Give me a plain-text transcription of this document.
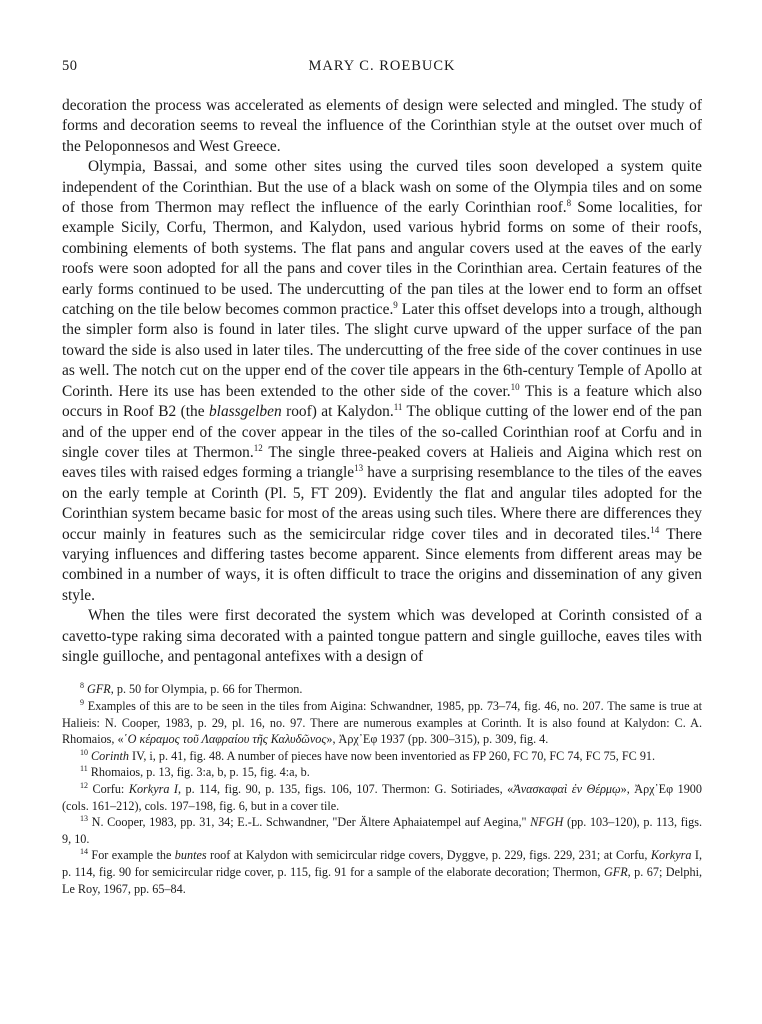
50	MARY C. ROEBUCK

decoration the process was accelerated as elements of design were selected and mingled. The study of forms and decoration seems to reveal the influence of the Corinthian style at the outset over much of the Peloponnesos and West Greece.

Olympia, Bassai, and some other sites using the curved tiles soon developed a system quite independent of the Corinthian. But the use of a black wash on some of the Olympia tiles and on some of those from Thermon may reflect the influence of the early Corinthian roof.$^8$ Some localities, for example Sicily, Corfu, Thermon, and Kalydon, used various hybrid forms on some of their roofs, combining elements of both systems. The flat pans and angular covers used at the eaves of the early roofs were soon adopted for all the pans and cover tiles in the Corinthian area. Certain features of the early forms continued to be used. The undercutting of the pan tiles at the lower end to form an offset catching on the tile below becomes common practice.$^9$ Later this offset develops into a trough, although the simpler form also is found in later tiles. The slight curve upward of the upper surface of the pan toward the side is also used in later tiles. The undercutting of the free side of the cover continues in use as well. The notch cut on the upper end of the cover tile appears in the 6th-century Temple of Apollo at Corinth. Here its use has been extended to the other side of the cover.$^{10}$ This is a feature which also occurs in Roof B2 (the blassgelben roof) at Kalydon.$^{11}$ The oblique cutting of the lower end of the pan and of the upper end of the cover appear in the tiles of the so-called Corinthian roof at Corfu and in single cover tiles at Thermon.$^{12}$ The single three-peaked covers at Halieis and Aigina which rest on eaves tiles with raised edges forming a triangle$^{13}$ have a surprising resemblance to the tiles of the eaves on the early temple at Corinth (Pl. 5, FT 209). Evidently the flat and angular tiles adopted for the Corinthian system became basic for most of the areas using such tiles. Where there are differences they occur mainly in features such as the semicircular ridge cover tiles and in decorated tiles.$^{14}$ There varying influences and differing tastes become apparent. Since elements from different areas may be combined in a number of ways, it is often difficult to trace the origins and dissemination of any given style.

When the tiles were first decorated the system which was developed at Corinth consisted of a cavetto-type raking sima decorated with a painted tongue pattern and single guilloche, eaves tiles with single guilloche, and pentagonal antefixes with a design of

$^8$ GFR, p. 50 for Olympia, p. 66 for Thermon.

$^9$ Examples of this are to be seen in the tiles from Aigina: Schwandner, 1985, pp. 73–74, fig. 46, no. 207. The same is true at Halieis: N. Cooper, 1983, p. 29, pl. 16, no. 97. There are numerous examples at Corinth. It is also found at Kalydon: C. A. Rhomaios, «῾Ο κέραμος τοῦ Λαφραίου τῆς Καλυδῶνος», Ἀρχ᾿Εφ 1937 (pp. 300–315), p. 309, fig. 4.

$^{10}$ Corinth IV, i, p. 41, fig. 48. A number of pieces have now been inventoried as FP 260, FC 70, FC 74, FC 75, FC 91.

$^{11}$ Rhomaios, p. 13, fig. 3:a, b, p. 15, fig. 4:a, b.

$^{12}$ Corfu: Korkyra I, p. 114, fig. 90, p. 135, figs. 106, 107. Thermon: G. Sotiriades, «Ἀνασκαφαὶ ἐν Θέρμῳ», Ἀρχ᾿Εφ 1900 (cols. 161–212), cols. 197–198, fig. 6, but in a cover tile.

$^{13}$ N. Cooper, 1983, pp. 31, 34; E.-L. Schwandner, "Der Ältere Aphaiatempel auf Aegina," NFGH (pp. 103–120), p. 113, figs. 9, 10.

$^{14}$ For example the buntes roof at Kalydon with semicircular ridge covers, Dyggve, p. 229, figs. 229, 231; at Corfu, Korkyra I, p. 114, fig. 90 for semicircular ridge cover, p. 115, fig. 91 for a sample of the elaborate decoration; Thermon, GFR, p. 67; Delphi, Le Roy, 1967, pp. 65–84.
